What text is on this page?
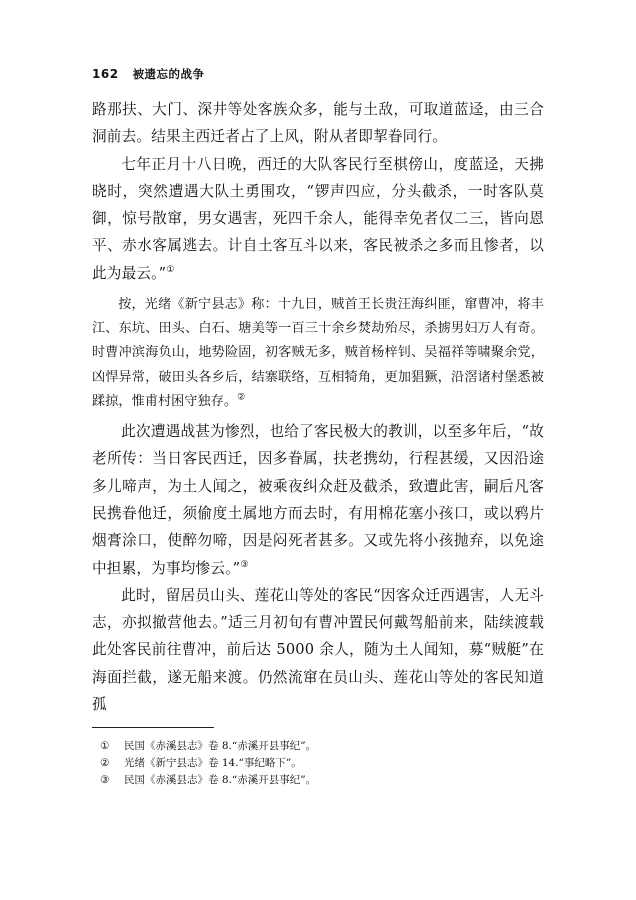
162 被遗忘的战争

路那扶、大门、深井等处客族众多，能与土敌，可取道蓝迳，由三合洞前去。结果主西迁者占了上风，附从者即挈眷同行。

七年正月十八日晚，西迁的大队客民行至棋傍山，度蓝迳，天拂晓时，突然遭遇大队土勇围攻，“锣声四应，分头截杀，一时客队莫御，惊号散窜，男女遇害，死四千余人，能得幸免者仅二三，皆向恩平、赤水客属逃去。计自土客互斗以来，客民被杀之多而且惨者，以此为最云。”①

按，光绪《新宁县志》称：十九日，贼首王长贵汪海纠匪，窜曹冲，将丰江、东坑、田头、白石、塘美等一百三十余乡焚劫殆尽，杀掳男妇万人有奇。时曹冲滨海负山，地势险固，初客贼无多，贼首杨梓钊、吴福祥等啸聚余党，凶悍异常，破田头各乡后，结寨联络，互相犄角，更加猖獗，沿滘诸村堡悉被蹂掠，惟甫村困守独存。②

此次遭遇战甚为惨烈，也给了客民极大的教训，以至多年后，“故老所传：当日客民西迁，因多眷属，扶老携幼，行程甚缓，又因沿途多儿啼声，为土人闻之，被乘夜纠众赶及截杀，致遭此害，嗣后凡客民携眷他迁，须偷度土属地方而去时，有用棉花塞小孩口，或以鸦片烟膏涂口，使醉勿啼，因是闷死者甚多。又或先将小孩抛弃，以免途中担累，为事均惨云。”③

此时，留居员山头、莲花山等处的客民“因客众迁西遇害，人无斗志，亦拟撤营他去。”适三月初旬有曹冲置民何戴驾船前来，陆续渡载此处客民前往曹冲，前后达 5000 余人，随为土人闻知，募“贼艇”在海面拦截，遂无船来渡。仍然流窜在员山头、莲花山等处的客民知道孤

① 民国《赤溪县志》卷 8.“赤溪开县事纪”。
② 光绪《新宁县志》卷 14.“事纪略下”。
③ 民国《赤溪县志》卷 8.“赤溪开县事纪”。
